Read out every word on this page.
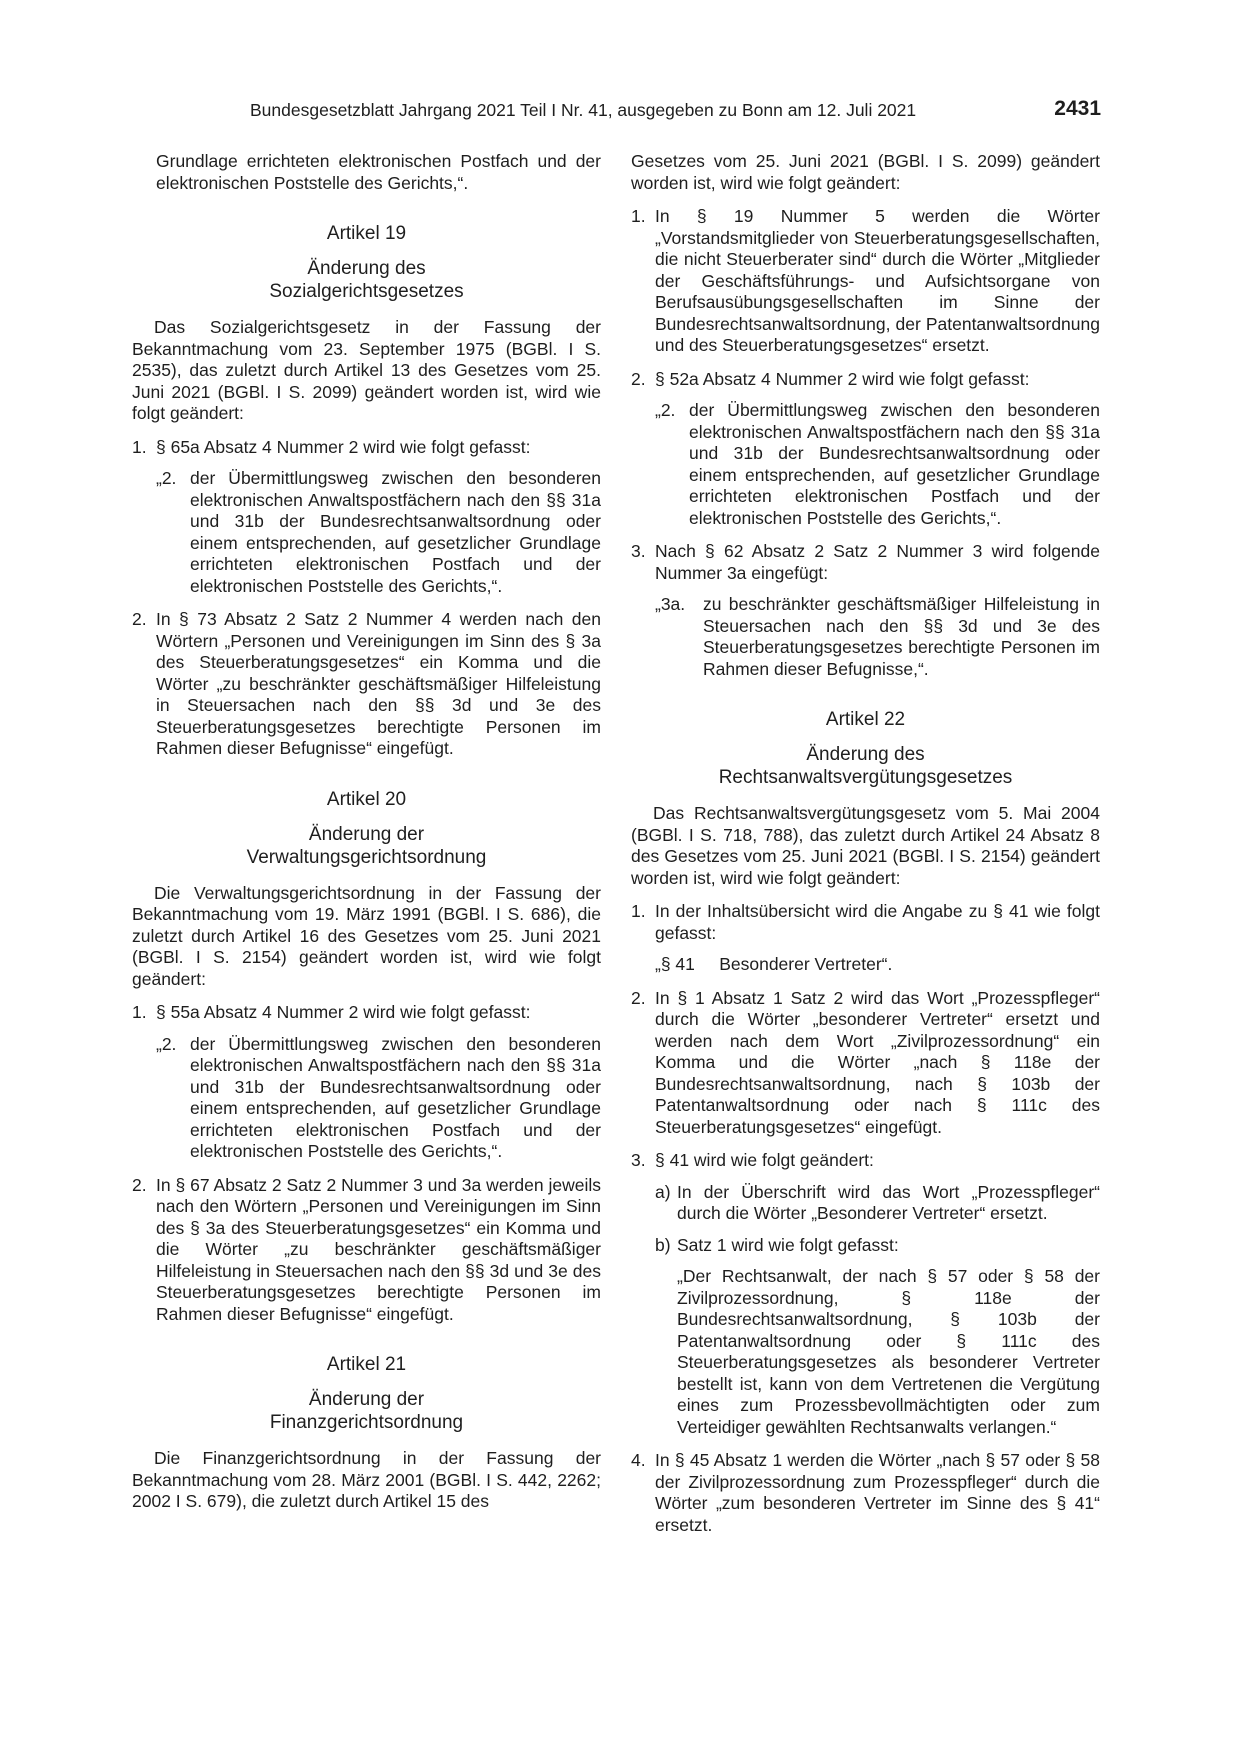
Bundesgesetzblatt Jahrgang 2021 Teil I Nr. 41, ausgegeben zu Bonn am 12. Juli 2021	2431

Grundlage errichteten elektronischen Postfach und der elektronischen Poststelle des Gerichts,“.

Artikel 19
Änderung des
Sozialgerichtsgesetzes

Das Sozialgerichtsgesetz in der Fassung der Bekanntmachung vom 23. September 1975 (BGBl. I S. 2535), das zuletzt durch Artikel 13 des Gesetzes vom 25. Juni 2021 (BGBl. I S. 2099) geändert worden ist, wird wie folgt geändert:

1. § 65a Absatz 4 Nummer 2 wird wie folgt gefasst:
„2. der Übermittlungsweg zwischen den besonderen elektronischen Anwaltspostfächern nach den §§ 31a und 31b der Bundesrechtsanwaltsordnung oder einem entsprechenden, auf gesetzlicher Grundlage errichteten elektronischen Postfach und der elektronischen Poststelle des Gerichts,“.
2. In § 73 Absatz 2 Satz 2 Nummer 4 werden nach den Wörtern „Personen und Vereinigungen im Sinn des § 3a des Steuerberatungsgesetzes“ ein Komma und die Wörter „zu beschränkter geschäftsmäßiger Hilfeleistung in Steuersachen nach den §§ 3d und 3e des Steuerberatungsgesetzes berechtigte Personen im Rahmen dieser Befugnisse“ eingefügt.
Artikel 20
Änderung der
Verwaltungsgerichtsordnung

Die Verwaltungsgerichtsordnung in der Fassung der Bekanntmachung vom 19. März 1991 (BGBl. I S. 686), die zuletzt durch Artikel 16 des Gesetzes vom 25. Juni 2021 (BGBl. I S. 2154) geändert worden ist, wird wie folgt geändert:

1. § 55a Absatz 4 Nummer 2 wird wie folgt gefasst:
„2. der Übermittlungsweg zwischen den besonderen elektronischen Anwaltspostfächern nach den §§ 31a und 31b der Bundesrechtsanwaltsordnung oder einem entsprechenden, auf gesetzlicher Grundlage errichteten elektronischen Postfach und der elektronischen Poststelle des Gerichts,“.
2. In § 67 Absatz 2 Satz 2 Nummer 3 und 3a werden jeweils nach den Wörtern „Personen und Vereinigungen im Sinn des § 3a des Steuerberatungsgesetzes“ ein Komma und die Wörter „zu beschränkter geschäftsmäßiger Hilfeleistung in Steuersachen nach den §§ 3d und 3e des Steuerberatungsgesetzes berechtigte Personen im Rahmen dieser Befugnisse“ eingefügt.
Artikel 21
Änderung der
Finanzgerichtsordnung

Die Finanzgerichtsordnung in der Fassung der Bekanntmachung vom 28. März 2001 (BGBl. I S. 442, 2262; 2002 I S. 679), die zuletzt durch Artikel 15 des

Gesetzes vom 25. Juni 2021 (BGBl. I S. 2099) geändert worden ist, wird wie folgt geändert:

1. In § 19 Nummer 5 werden die Wörter „Vorstandsmitglieder von Steuerberatungsgesellschaften, die nicht Steuerberater sind“ durch die Wörter „Mitglieder der Geschäftsführungs- und Aufsichtsorgane von Berufsausübungsgesellschaften im Sinne der Bundesrechtsanwaltsordnung, der Patentanwaltsordnung und des Steuerberatungsgesetzes“ ersetzt.
2. § 52a Absatz 4 Nummer 2 wird wie folgt gefasst:
„2. der Übermittlungsweg zwischen den besonderen elektronischen Anwaltspostfächern nach den §§ 31a und 31b der Bundesrechtsanwaltsordnung oder einem entsprechenden, auf gesetzlicher Grundlage errichteten elektronischen Postfach und der elektronischen Poststelle des Gerichts,“.
3. Nach § 62 Absatz 2 Satz 2 Nummer 3 wird folgende Nummer 3a eingefügt:
„3a.	zu beschränkter geschäftsmäßiger Hilfeleistung in Steuersachen nach den §§ 3d und 3e des Steuerberatungsgesetzes berechtigte Personen im Rahmen dieser Befugnisse,“.
Artikel 22
Änderung des
Rechtsanwaltsvergütungsgesetzes

Das Rechtsanwaltsvergütungsgesetz vom 5. Mai 2004 (BGBl. I S. 718, 788), das zuletzt durch Artikel 24 Absatz 8 des Gesetzes vom 25. Juni 2021 (BGBl. I S. 2154) geändert worden ist, wird wie folgt geändert:

1. In der Inhaltsübersicht wird die Angabe zu § 41 wie folgt gefasst:
„§ 41     Besonderer Vertreter“.
2. In § 1 Absatz 1 Satz 2 wird das Wort „Prozesspfleger“ durch die Wörter „besonderer Vertreter“ ersetzt und werden nach dem Wort „Zivilprozessordnung“ ein Komma und die Wörter „nach § 118e der Bundesrechtsanwaltsordnung, nach § 103b der Patentanwaltsordnung oder nach § 111c des Steuerberatungsgesetzes“ eingefügt.
3. § 41 wird wie folgt geändert:
a) In der Überschrift wird das Wort „Prozesspfleger“ durch die Wörter „Besonderer Vertreter“ ersetzt.
b) Satz 1 wird wie folgt gefasst:

„Der Rechtsanwalt, der nach § 57 oder § 58 der Zivilprozessordnung, § 118e der Bundesrechtsanwaltsordnung, § 103b der Patentanwaltsordnung oder § 111c des Steuerberatungsgesetzes als besonderer Vertreter bestellt ist, kann von dem Vertretenen die Vergütung eines zum Prozessbevollmächtigten oder zum Verteidiger gewählten Rechtsanwalts verlangen.“

4. In § 45 Absatz 1 werden die Wörter „nach § 57 oder § 58 der Zivilprozessordnung zum Prozesspfleger“ durch die Wörter „zum besonderen Vertreter im Sinne des § 41“ ersetzt.
